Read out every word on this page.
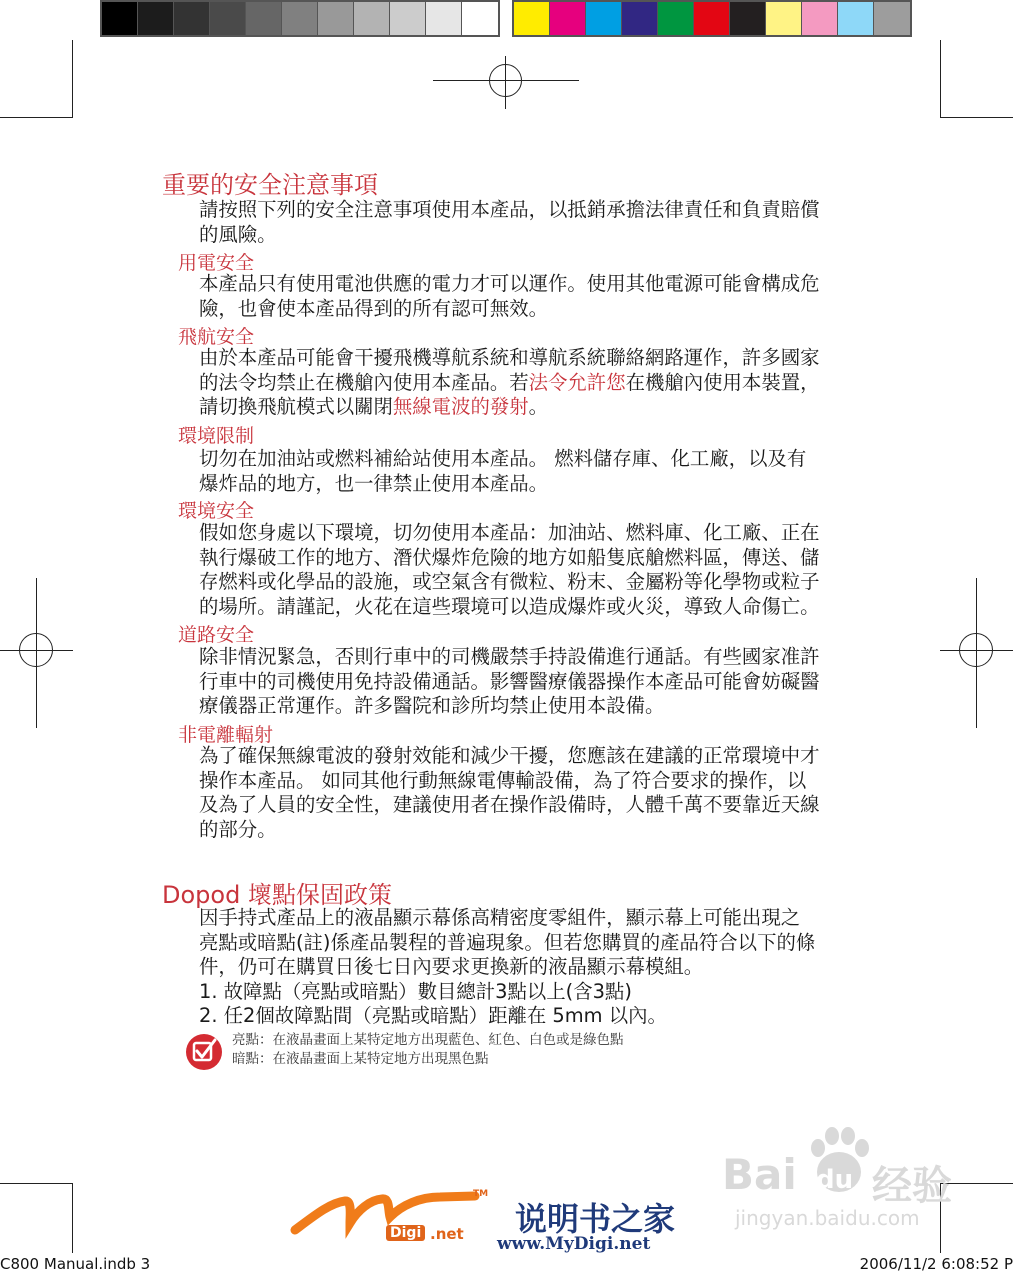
重要的安全注意事項
請按照下列的安全注意事項使用本產品，以抵銷承擔法律責任和負責賠償
的風險。
用電安全
本產品只有使用電池供應的電力才可以運作。使用其他電源可能會構成危
險，也會使本產品得到的所有認可無效。
飛航安全
由於本產品可能會干擾飛機導航系統和導航系統聯絡網路運作，許多國家
的法令均禁止在機艙內使用本產品。若法令允許您在機艙內使用本裝置，
請切換飛航模式以關閉無線電波的發射。
環境限制
切勿在加油站或燃料補給站使用本產品。 燃料儲存庫、化工廠，以及有
爆炸品的地方，也一律禁止使用本產品。
環境安全
假如您身處以下環境，切勿使用本產品：加油站、燃料庫、化工廠、正在
執行爆破工作的地方、潛伏爆炸危險的地方如船隻底艙燃料區，傳送、儲
存燃料或化學品的設施，或空氣含有微粒、粉末、金屬粉等化學物或粒子
的場所。請謹記，火花在這些環境可以造成爆炸或火災，導致人命傷亡。
道路安全
除非情況緊急，否則行車中的司機嚴禁手持設備進行通話。有些國家准許
行車中的司機使用免持設備通話。影響醫療儀器操作本產品可能會妨礙醫
療儀器正常運作。許多醫院和診所均禁止使用本設備。
非電離輻射
為了確保無線電波的發射效能和減少干擾，您應該在建議的正常環境中才
操作本產品。 如同其他行動無線電傳輸設備，為了符合要求的操作，以
及為了人員的安全性，建議使用者在操作設備時，人體千萬不要靠近天線
的部分。
Dopod 壞點保固政策
因手持式產品上的液晶顯示幕係高精密度零組件，顯示幕上可能出現之
亮點或暗點(註)係產品製程的普遍現象。但若您購買的產品符合以下的條
件，仍可在購買日後七日內要求更換新的液晶顯示幕模組。
1. 故障點（亮點或暗點）數目總計3點以上(含3點)
2. 任2個故障點間（亮點或暗點）距離在 5mm 以內。
亮點：在液晶畫面上某特定地方出現藍色、紅色、白色或是綠色點
暗點：在液晶畫面上某特定地方出現黑色點
TM
Digi .net 说明书之家
www.MyDigi.net
Bai du 经验
jingyan.baidu.com
C800 Manual.indb 3	2006/11/2 6:08:52 P
